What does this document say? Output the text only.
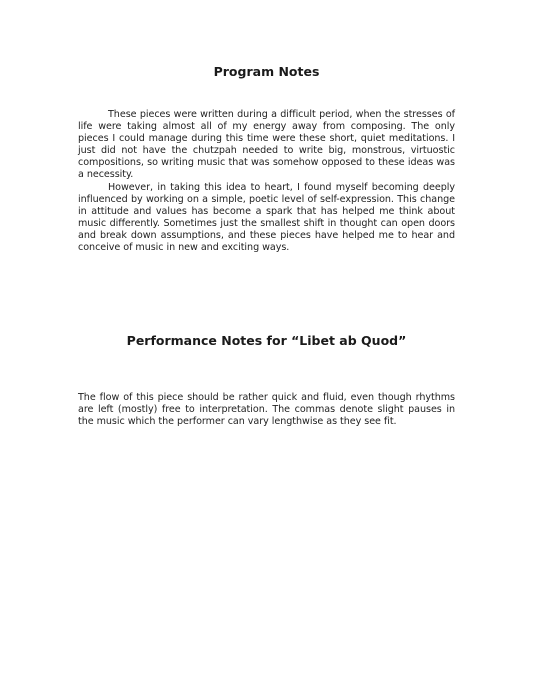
Program Notes

These pieces were written during a difficult period, when the stresses of life were taking almost all of my energy away from composing. The only pieces I could manage during this time were these short, quiet meditations. I just did not have the chutzpah needed to write big, monstrous, virtuostic compositions, so writing music that was somehow opposed to these ideas was a necessity.

However, in taking this idea to heart, I found myself becoming deeply influenced by working on a simple, poetic level of self-expression. This change in attitude and values has become a spark that has helped me think about music differently. Sometimes just the smallest shift in thought can open doors and break down assumptions, and these pieces have helped me to hear and conceive of music in new and exciting ways.

Performance Notes for “Libet ab Quod”

The flow of this piece should be rather quick and fluid, even though rhythms are left (mostly) free to interpretation. The commas denote slight pauses in the music which the performer can vary lengthwise as they see fit.
